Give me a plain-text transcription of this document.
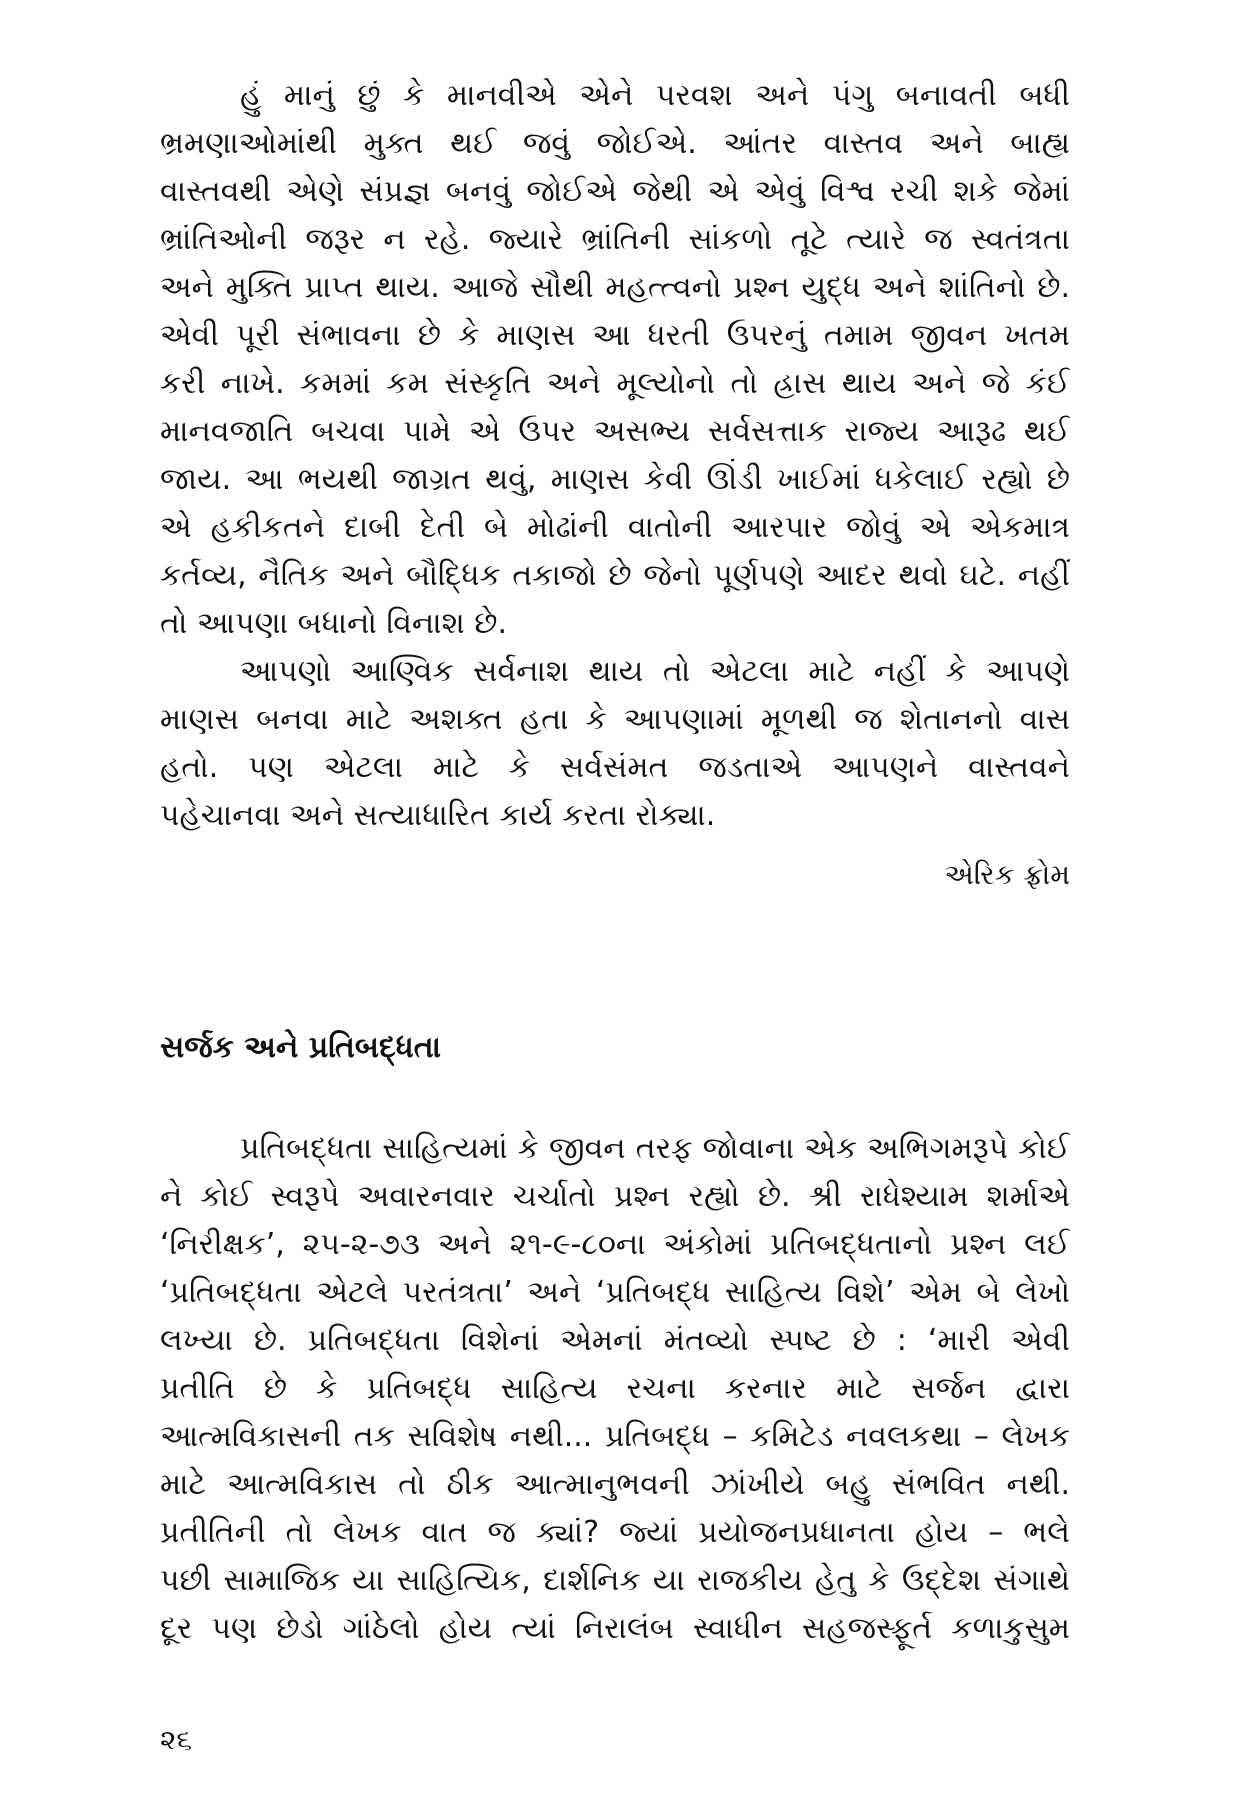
હું માનું છું કે માનવીએ એને પરવશ અને પંગુ બનાવતી બધી
ભ્રમણાઓમાંથી મુક્ત થઈ જવું જોઈએ. આંતર વાસ્તવ અને બાહ્ય
વાસ્તવથી એણે સંપ્રજ્ઞ બનવું જોઈએ જેથી એ એવું વિશ્વ રચી શકે જેમાં
ભ્રાંતિઓની જરૂર ન રહે. જ્યારે ભ્રાંતિની સાંકળો તૂટે ત્યારે જ સ્વતંત્રતા
અને મુક્તિ પ્રાપ્ત થાય. આજે સૌથી મહત્ત્વનો પ્રશ્ન યુદ્ધ અને શાંતિનો છે.
એવી પૂરી સંભાવના છે કે માણસ આ ધરતી ઉપરનું તમામ જીવન ખતમ
કરી નાખે. કમમાં કમ સંસ્કૃતિ અને મૂલ્યોનો તો હ્રાસ થાય અને જે કંઈ
માનવજાતિ બચવા પામે એ ઉપર અસભ્ય સર્વસત્તાક રાજ્ય આરૂઢ થઈ
જાય. આ ભયથી જાગ્રત થવું, માણસ કેવી ઊંડી ખાઈમાં ધકેલાઈ રહ્યો છે
એ હકીકતને દાબી દેતી બે મોઢાંની વાતોની આરપાર જોવું એ એકમાત્ર
કર્તવ્ય, નૈતિક અને બૌદ્ધિક તકાજો છે જેનો પૂર્ણપણે આદર થવો ઘટે. નહીં
તો આપણા બધાનો વિનાશ છે.
આપણો આણ્વિક સર્વનાશ થાય તો એટલા માટે નહીં કે આપણે
માણસ બનવા માટે અશક્ત હતા કે આપણામાં મૂળથી જ શેતાનનો વાસ
હતો. પણ એટલા માટે કે સર્વસંમત જડતાએ આપણને વાસ્તવને
પહેચાનવા અને સત્યાધારિત કાર્ય કરતા રોક્યા.
એરિક ફ્રોમ
સર્જક અને પ્રતિબદ્ધતા
પ્રતિબદ્ધતા સાહિત્યમાં કે જીવન તરફ જોવાના એક અભિગમરૂપે કોઈ
ને કોઈ સ્વરૂપે અવારનવાર ચર્ચાતો પ્રશ્ન રહ્યો છે. શ્રી રાધેશ્યામ શર્માએ
‘નિરીક્ષક’, ૨૫-૨-૭૩ અને ૨૧-૯-૮૦ના અંકોમાં પ્રતિબદ્ધતાનો પ્રશ્ન લઈ
‘પ્રતિબદ્ધતા એટલે પરતંત્રતા’ અને ‘પ્રતિબદ્ધ સાહિત્ય વિશે’ એમ બે લેખો
લખ્યા છે. પ્રતિબદ્ધતા વિશેનાં એમનાં મંતવ્યો સ્પષ્ટ છે : ‘મારી એવી
પ્રતીતિ છે કે પ્રતિબદ્ધ સાહિત્ય રચના કરનાર માટે સર્જન દ્વારા
આત્મવિકાસની તક સવિશેષ નથી... પ્રતિબદ્ધ – કમિટેડ નવલકથા – લેખક
માટે આત્મવિકાસ તો ઠીક આત્માનુભવની ઝાંખીયે બહુ સંભવિત નથી.
પ્રતીતિની તો લેખક વાત જ ક્યાં? જ્યાં પ્રયોજનપ્રધાનતા હોય – ભલે
પછી સામાજિક યા સાહિત્યિક, દાર્શનિક યા રાજકીય હેતુ કે ઉદ્દેશ સંગાથે
દૂર પણ છેડો ગાંઠેલો હોય ત્યાં નિરાલંબ સ્વાધીન સહજસ્ફૂર્ત કળાકુસુમ
૨૬
